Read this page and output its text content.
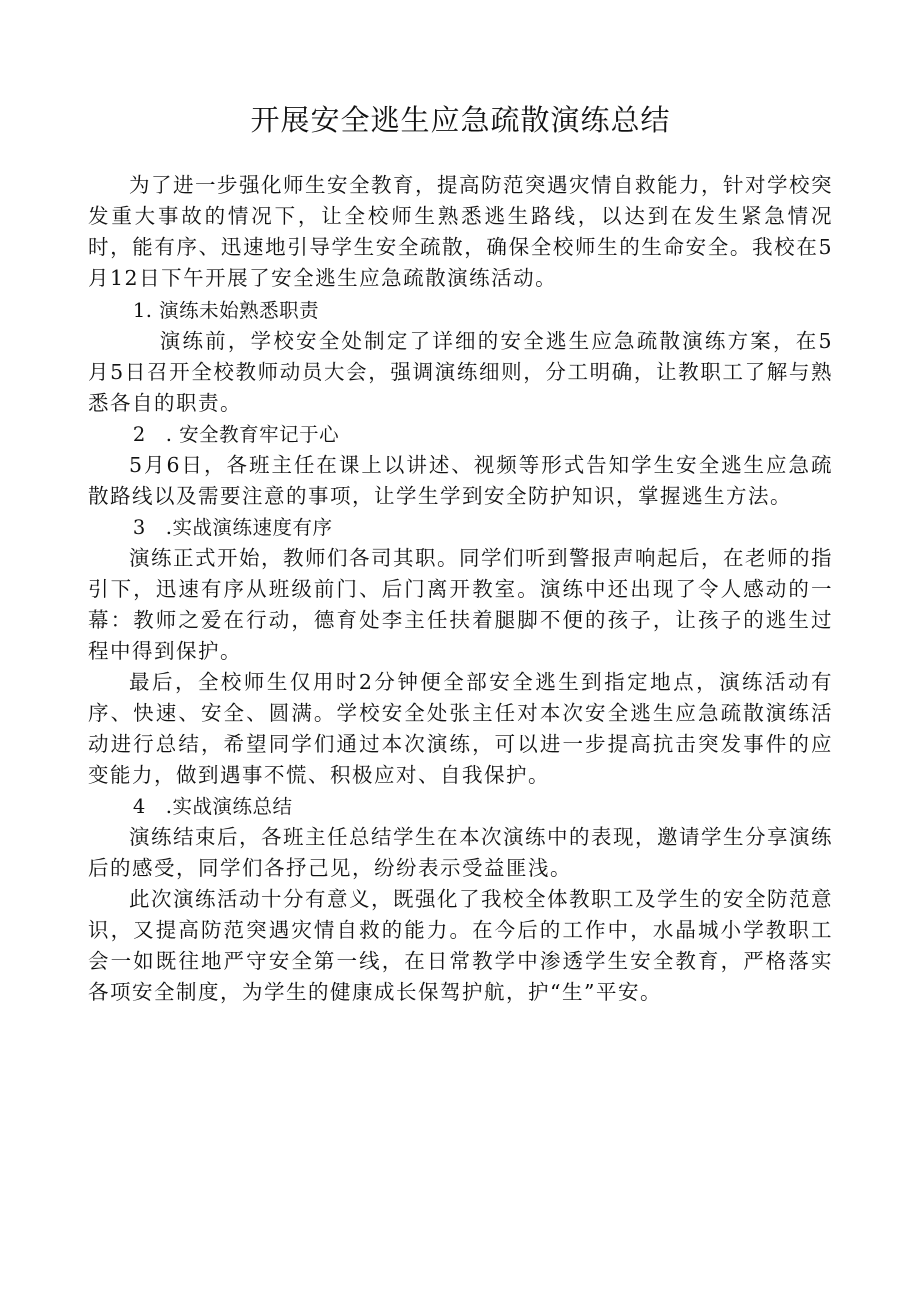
开展安全逃生应急疏散演练总结

为了进一步强化师生安全教育，提高防范突遇灾情自救能力，针对学校突发重大事故的情况下，让全校师生熟悉逃生路线，以达到在发生紧急情况时，能有序、迅速地引导学生安全疏散，确保全校师生的生命安全。我校在5月12日下午开展了安全逃生应急疏散演练活动。

1. 演练未始熟悉职责

演练前，学校安全处制定了详细的安全逃生应急疏散演练方案，在5月5日召开全校教师动员大会，强调演练细则，分工明确，让教职工了解与熟悉各自的职责。

2　. 安全教育牢记于心

5月6日，各班主任在课上以讲述、视频等形式告知学生安全逃生应急疏散路线以及需要注意的事项，让学生学到安全防护知识，掌握逃生方法。

3　.实战演练速度有序

演练正式开始，教师们各司其职。同学们听到警报声响起后，在老师的指引下，迅速有序从班级前门、后门离开教室。演练中还出现了令人感动的一幕：教师之爱在行动，德育处李主任扶着腿脚不便的孩子，让孩子的逃生过程中得到保护。

最后，全校师生仅用时2分钟便全部安全逃生到指定地点，演练活动有序、快速、安全、圆满。学校安全处张主任对本次安全逃生应急疏散演练活动进行总结，希望同学们通过本次演练，可以进一步提高抗击突发事件的应变能力，做到遇事不慌、积极应对、自我保护。

4　.实战演练总结

演练结束后，各班主任总结学生在本次演练中的表现，邀请学生分享演练后的感受，同学们各抒己见，纷纷表示受益匪浅。

此次演练活动十分有意义，既强化了我校全体教职工及学生的安全防范意识，又提高防范突遇灾情自救的能力。在今后的工作中，水晶城小学教职工会一如既往地严守安全第一线，在日常教学中渗透学生安全教育，严格落实各项安全制度，为学生的健康成长保驾护航，护“生”平安。
